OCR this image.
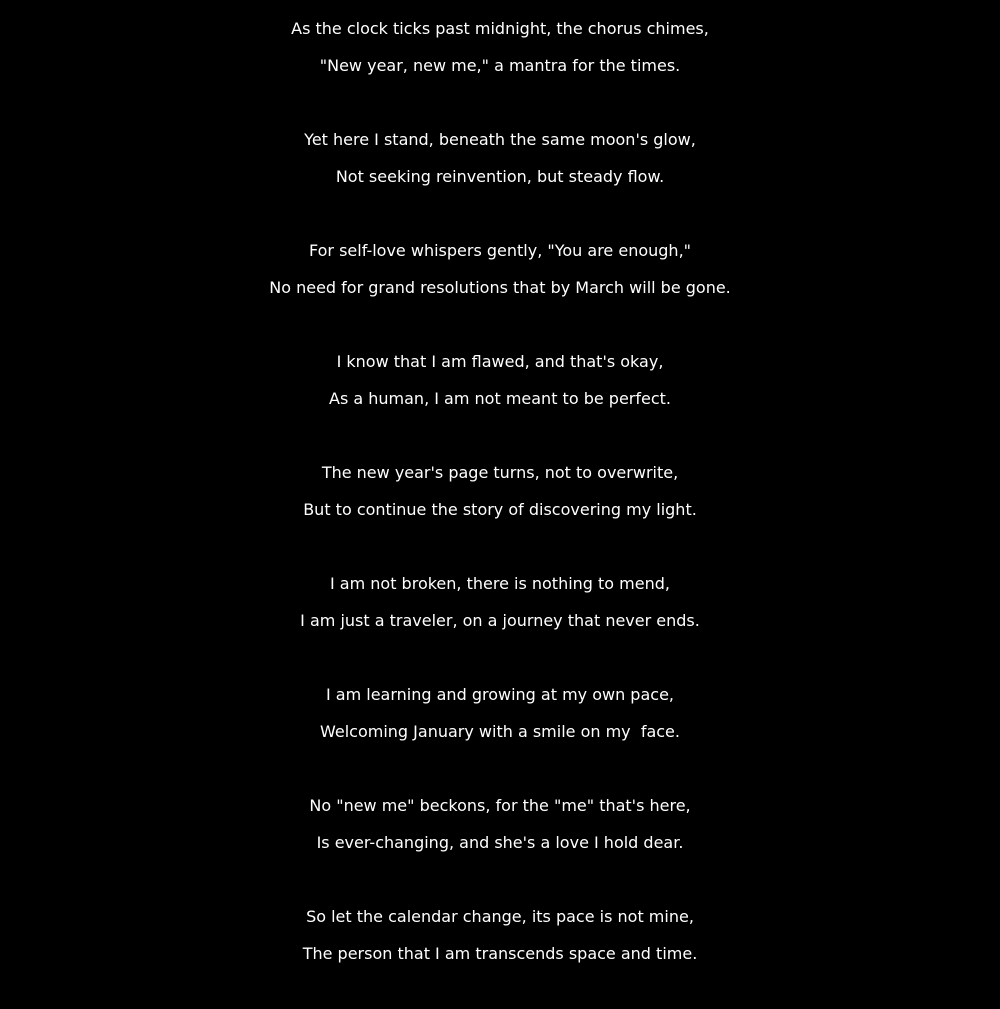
As the clock ticks past midnight, the chorus chimes,
"New year, new me," a mantra for the times.
Yet here I stand, beneath the same moon's glow,
Not seeking reinvention, but steady flow.
For self-love whispers gently, "You are enough,"
No need for grand resolutions that by March will be gone.
I know that I am flawed, and that's okay,
As a human, I am not meant to be perfect.
The new year's page turns, not to overwrite,
But to continue the story of discovering my light.
I am not broken, there is nothing to mend,
I am just a traveler, on a journey that never ends.
I am learning and growing at my own pace,
Welcoming January with a smile on my  face.
No "new me" beckons, for the "me" that's here,
Is ever-changing, and she's a love I hold dear.
So let the calendar change, its pace is not mine,
The person that I am transcends space and time.
